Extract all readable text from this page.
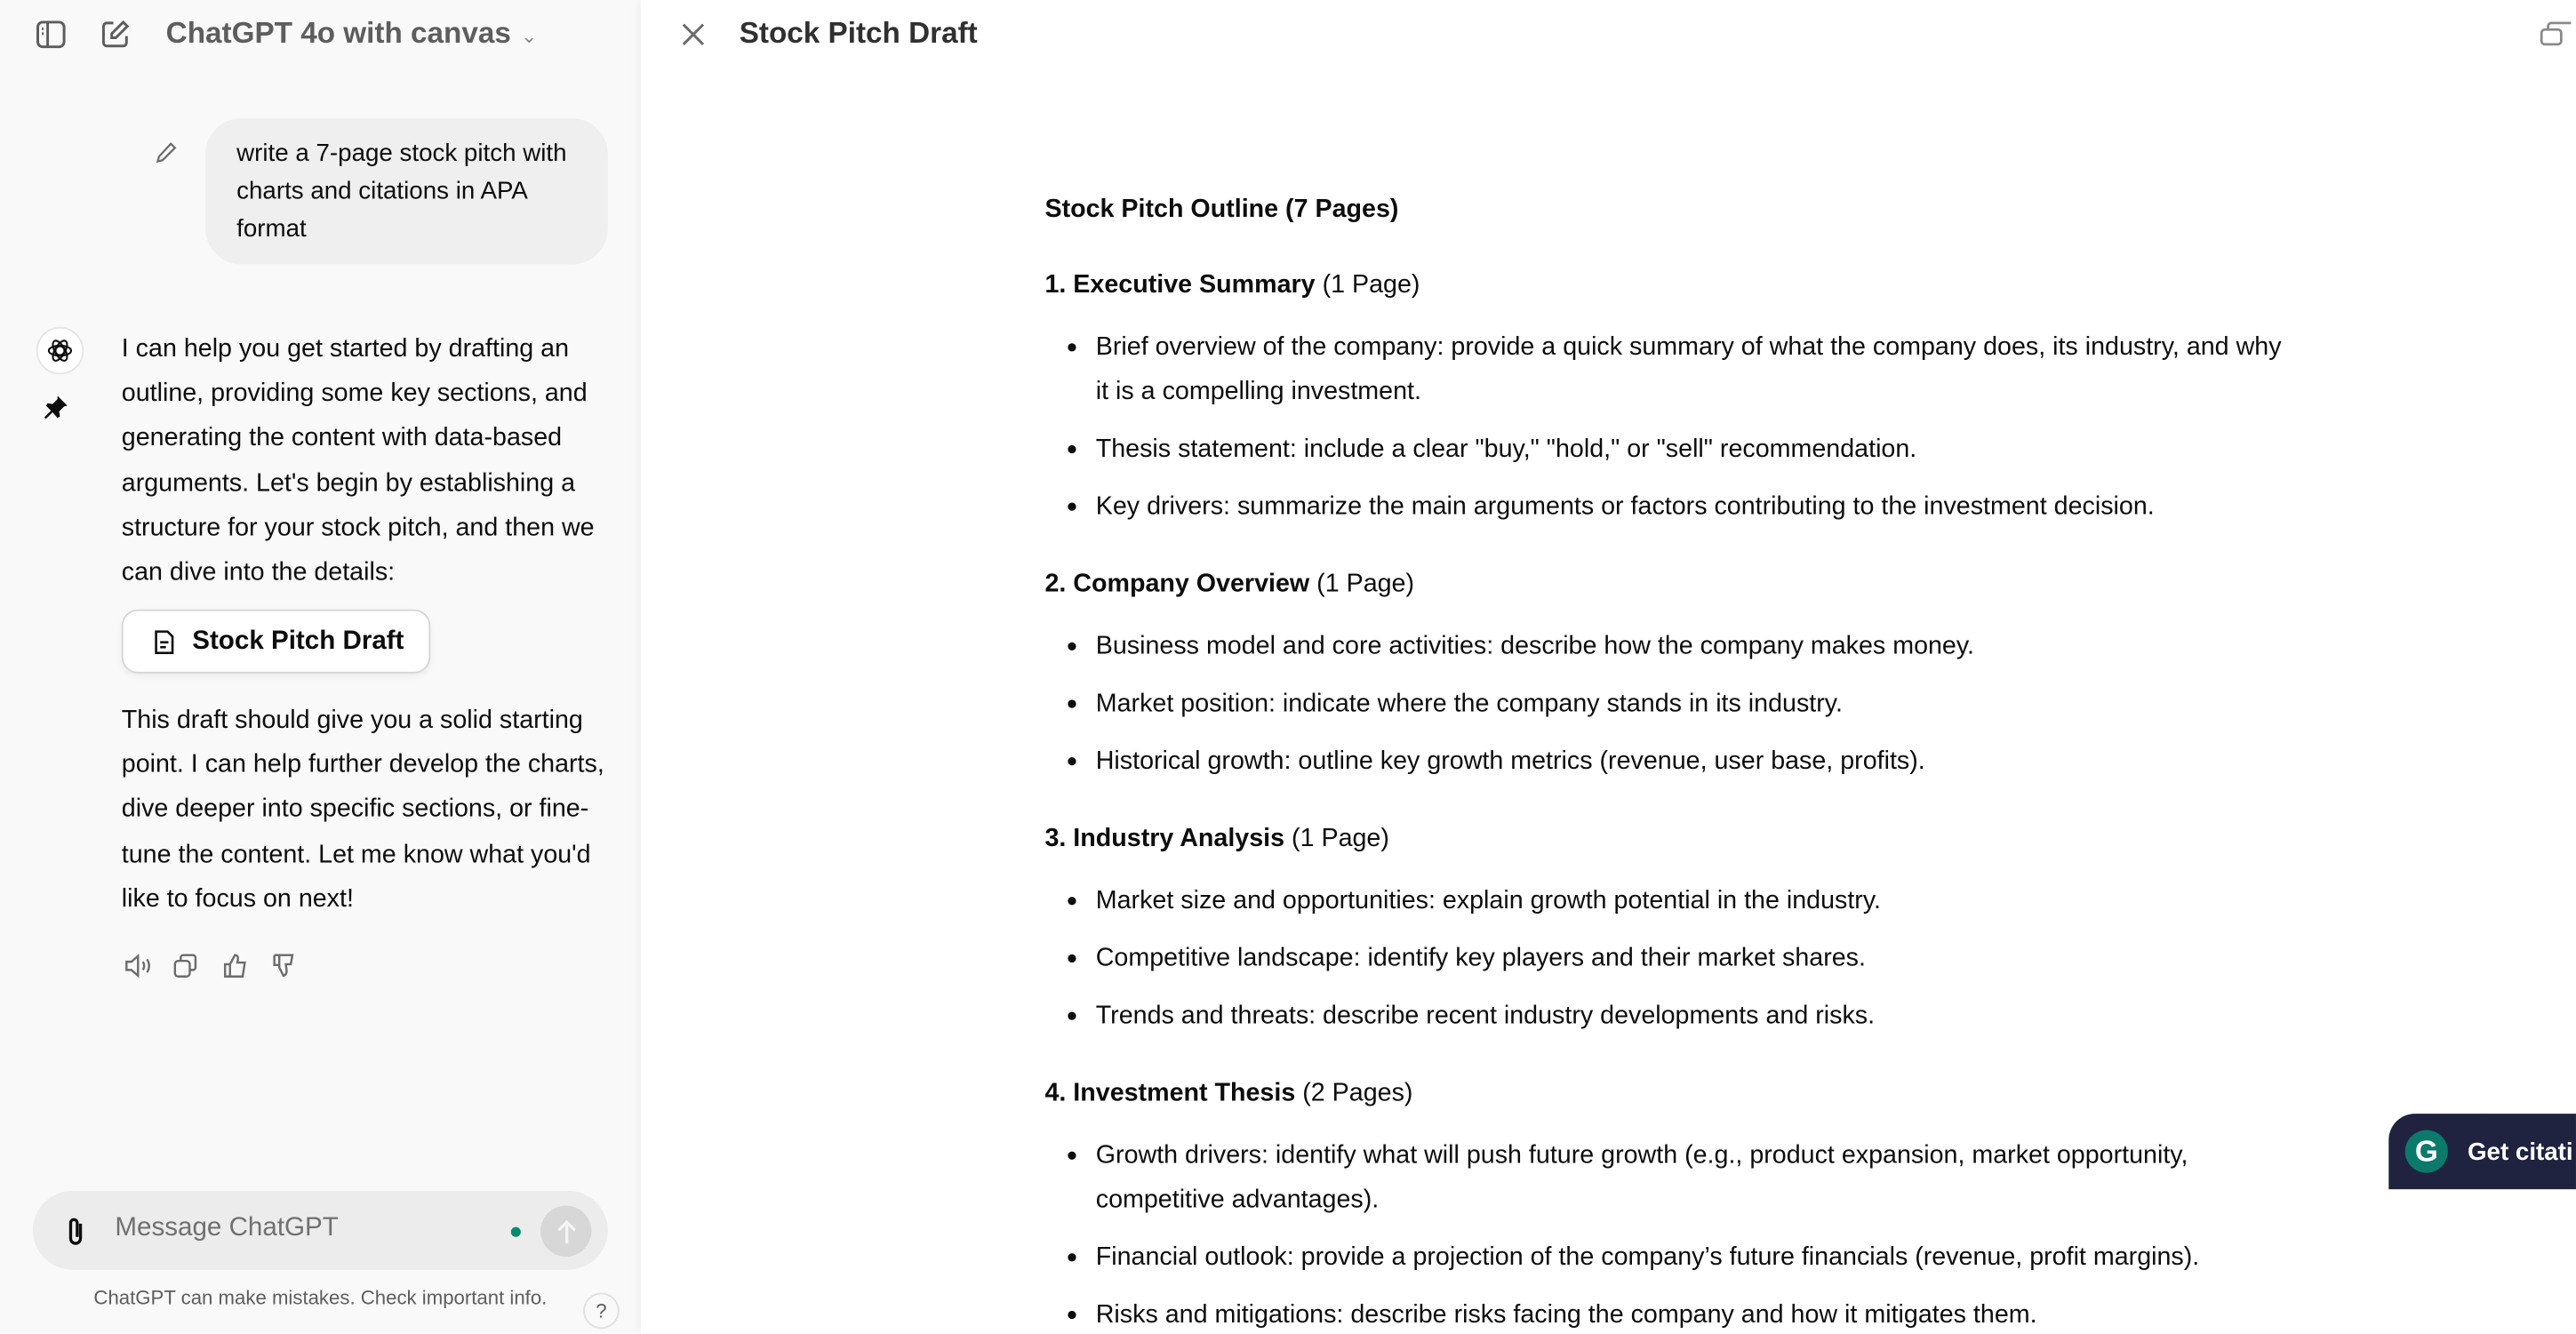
ChatGPT 4o with canvas ⌄
write a 7-page stock pitch with charts and citations in APA format
I can help you get started by drafting an outline, providing some key sections, and generating the content with data-based arguments. Let's begin by establishing a structure for your stock pitch, and then we can dive into the details:
Stock Pitch Draft
This draft should give you a solid starting point. I can help further develop the charts, dive deeper into specific sections, or fine-tune the content. Let me know what you'd like to focus on next!
Message ChatGPT
ChatGPT can make mistakes. Check important info.
?
Stock Pitch Draft
Stock Pitch Outline (7 Pages)
1. Executive Summary (1 Page)
Brief overview of the company: provide a quick summary of what the company does, its industry, and why it is a compelling investment.
Thesis statement: include a clear "buy," "hold," or "sell" recommendation.
Key drivers: summarize the main arguments or factors contributing to the investment decision.
2. Company Overview (1 Page)
Business model and core activities: describe how the company makes money.
Market position: indicate where the company stands in its industry.
Historical growth: outline key growth metrics (revenue, user base, profits).
3. Industry Analysis (1 Page)
Market size and opportunities: explain growth potential in the industry.
Competitive landscape: identify key players and their market shares.
Trends and threats: describe recent industry developments and risks.
4. Investment Thesis (2 Pages)
Growth drivers: identify what will push future growth (e.g., product expansion, market opportunity, competitive advantages).
Financial outlook: provide a projection of the company’s future financials (revenue, profit margins).
Risks and mitigations: describe risks facing the company and how it mitigates them.
G	Get citati
